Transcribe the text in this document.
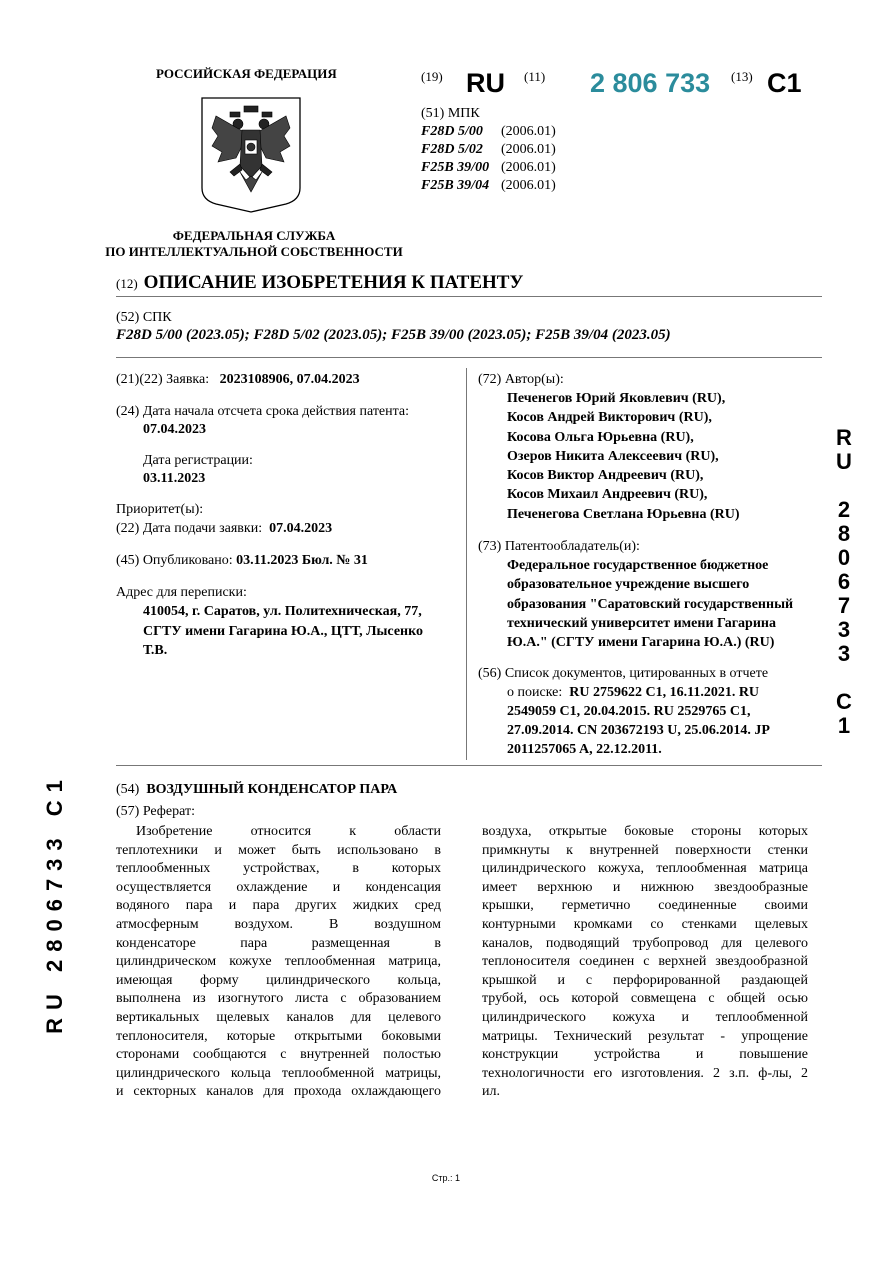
РОССИЙСКАЯ ФЕДЕРАЦИЯ
ФЕДЕРАЛЬНАЯ СЛУЖБА
ПО ИНТЕЛЛЕКТУАЛЬНОЙ СОБСТВЕННОСТИ
(19) RU (11) 2 806 733 (13) C1
(51) МПК
F28D 5/00 (2006.01)
F28D 5/02 (2006.01)
F25B 39/00 (2006.01)
F25B 39/04 (2006.01)
(12) ОПИСАНИЕ ИЗОБРЕТЕНИЯ К ПАТЕНТУ
(52) СПК
F28D 5/00 (2023.05); F28D 5/02 (2023.05); F25B 39/00 (2023.05); F25B 39/04 (2023.05)
(21)(22) Заявка: 2023108906, 07.04.2023
(24) Дата начала отсчета срока действия патента:
07.04.2023
Дата регистрации:
03.11.2023
Приоритет(ы):
(22) Дата подачи заявки: 07.04.2023
(45) Опубликовано: 03.11.2023 Бюл. № 31
Адрес для переписки:
410054, г. Саратов, ул. Политехническая, 77,
СГТУ имени Гагарина Ю.А., ЦТТ, Лысенко
Т.В.
(72) Автор(ы):
Печенегов Юрий Яковлевич (RU),
Косов Андрей Викторович (RU),
Косова Ольга Юрьевна (RU),
Озеров Никита Алексеевич (RU),
Косов Виктор Андреевич (RU),
Косов Михаил Андреевич (RU),
Печенегова Светлана Юрьевна (RU)
(73) Патентообладатель(и):
Федеральное государственное бюджетное
образовательное учреждение высшего
образования "Саратовский государственный
технический университет имени Гагарина
Ю.А." (СГТУ имени Гагарина Ю.А.) (RU)
(56) Список документов, цитированных в отчете
о поиске: RU 2759622 C1, 16.11.2021. RU
2549059 C1, 20.04.2015. RU 2529765 C1,
27.09.2014. CN 203672193 U, 25.06.2014. JP
2011257065 A, 22.12.2011.
(54) ВОЗДУШНЫЙ КОНДЕНСАТОР ПАРА
(57) Реферат:
Изобретение относится к области
теплотехники и может быть использовано в
теплообменных устройствах, в которых
осуществляется охлаждение и конденсация
водяного пара и пара других жидких сред
атмосферным воздухом. В воздушном
конденсаторе пара размещенная в
цилиндрическом кожухе теплообменная матрица,
имеющая форму цилиндрического кольца,
выполнена из изогнутого листа с образованием
вертикальных щелевых каналов для целевого
теплоносителя, которые открытыми боковыми
сторонами сообщаются с внутренней полостью
цилиндрического кольца теплообменной матрицы,
и секторных каналов для прохода охлаждающего
воздуха, открытые боковые стороны которых
примкнуты к внутренней поверхности стенки
цилиндрического кожуха, теплообменная матрица
имеет верхнюю и нижнюю звездообразные
крышки, герметично соединенные своими
контурными кромками со стенками щелевых
каналов, подводящий трубопровод для целевого
теплоносителя соединен с верхней звездообразной
крышкой и с перфорированной раздающей
трубой, ось которой совмещена с общей осью
цилиндрического кожуха и теплообменной
матрицы. Технический результат - упрощение
конструкции устройства и повышение
технологичности его изготовления. 2 з.п. ф-лы, 2
ил.
R
U

2
8
0
6
7
3
3

C
1
RU 2806733 C1
Стр.: 1
